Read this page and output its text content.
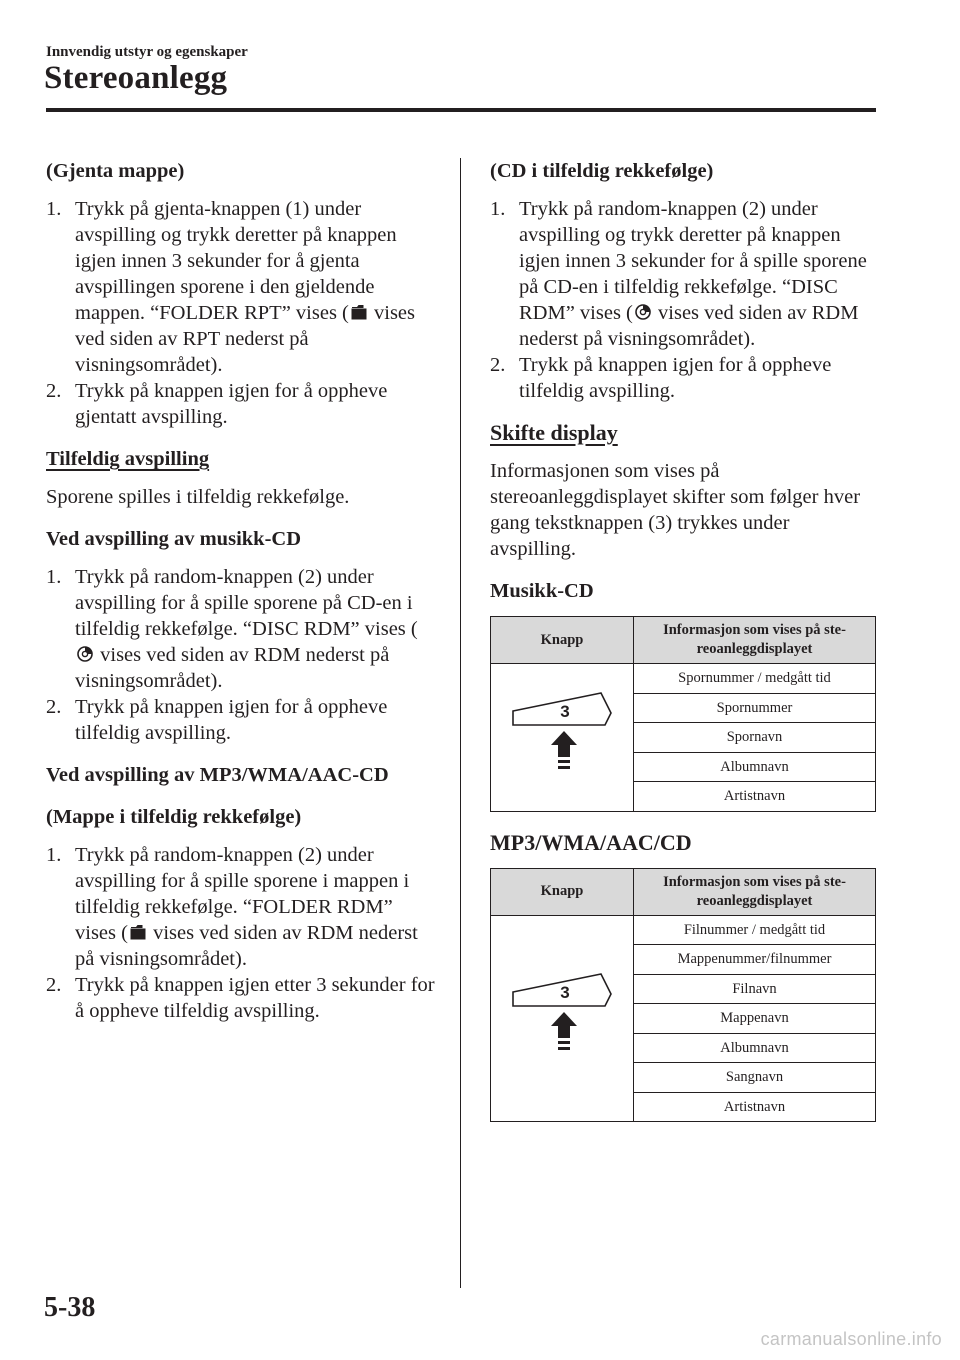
Innvendig utstyr og egenskaper
Stereoanlegg
(Gjenta mappe)
1. Trykk på gjenta-knappen (1) under avspilling og trykk deretter på knappen igjen innen 3 sekunder for å gjenta avspillingen sporene i den gjeldende mappen. “FOLDER RPT” vises ( vises ved siden av RPT nederst på visningsområdet).
2. Trykk på knappen igjen for å oppheve gjentatt avspilling.
Tilfeldig avspilling

Sporene spilles i tilfeldig rekkefølge.

Ved avspilling av musikk-CD
1. Trykk på random-knappen (2) under avspilling for å spille sporene på CD-en i tilfeldig rekkefølge. “DISC RDM” vises ( vises ved siden av RDM nederst på visningsområdet).
2. Trykk på knappen igjen for å oppheve tilfeldig avspilling.
Ved avspilling av MP3/WMA/AAC-CD
(Mappe i tilfeldig rekkefølge)
1. Trykk på random-knappen (2) under avspilling for å spille sporene i mappen i tilfeldig rekkefølge. “FOLDER RDM” vises ( vises ved siden av RDM nederst på visningsområdet).
2. Trykk på knappen igjen etter 3 sekunder for å oppheve tilfeldig avspilling.
(CD i tilfeldig rekkefølge)
1. Trykk på random-knappen (2) under avspilling og trykk deretter på knappen igjen innen 3 sekunder for å spille sporene på CD-en i tilfeldig rekkefølge. “DISC RDM” vises ( vises ved siden av RDM nederst på visningsområdet).
2. Trykk på knappen igjen for å oppheve tilfeldig avspilling.
Skifte display

Informasjonen som vises på stereoanleggdisplayet skifter som følger hver gang tekstknappen (3) trykkes under avspilling.

Musikk-CD
Knapp	Informasjon som vises på ste-reoanleggdisplayet

3	Spornummer / medgått tid
	Spornummer
	Spornavn
	Albumnavn
	Artistnavn
MP3/WMA/AAC/CD
Knapp	Informasjon som vises på ste-reoanleggdisplayet

3	Filnummer / medgått tid
	Mappenummer/filnummer
	Filnavn
	Mappenavn
	Albumnavn
	Sangnavn
	Artistnavn
5-38
carmanualsonline.info
